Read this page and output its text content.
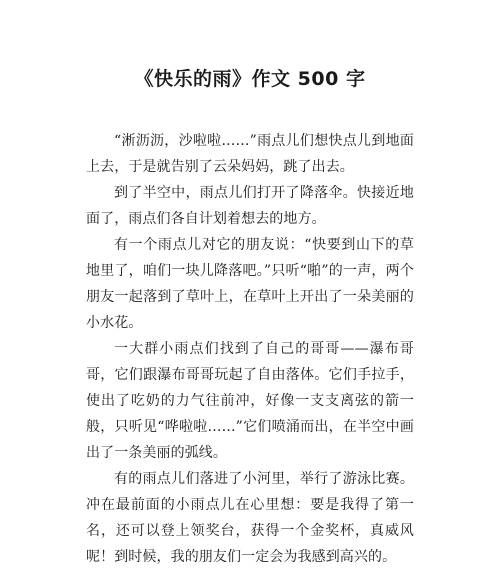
《快乐的雨》作文 500 字

“淅沥沥，沙啦啦……”雨点儿们想快点儿到地面上去，于是就告别了云朵妈妈，跳了出去。

到了半空中，雨点儿们打开了降落伞。快接近地面了，雨点们各自计划着想去的地方。

有一个雨点儿对它的朋友说：“快要到山下的草地里了，咱们一块儿降落吧。”只听“啪”的一声，两个朋友一起落到了草叶上，在草叶上开出了一朵美丽的小水花。

一大群小雨点们找到了自己的哥哥——瀑布哥哥，它们跟瀑布哥哥玩起了自由落体。它们手拉手，使出了吃奶的力气往前冲，好像一支支离弦的箭一般，只听见“哗啦啦……”它们喷涌而出，在半空中画出了一条美丽的弧线。

有的雨点儿们落进了小河里，举行了游泳比赛。冲在最前面的小雨点儿在心里想：要是我得了第一名，还可以登上领奖台，获得一个金奖杯，真威风呢！到时候，我的朋友们一定会为我感到高兴的。
